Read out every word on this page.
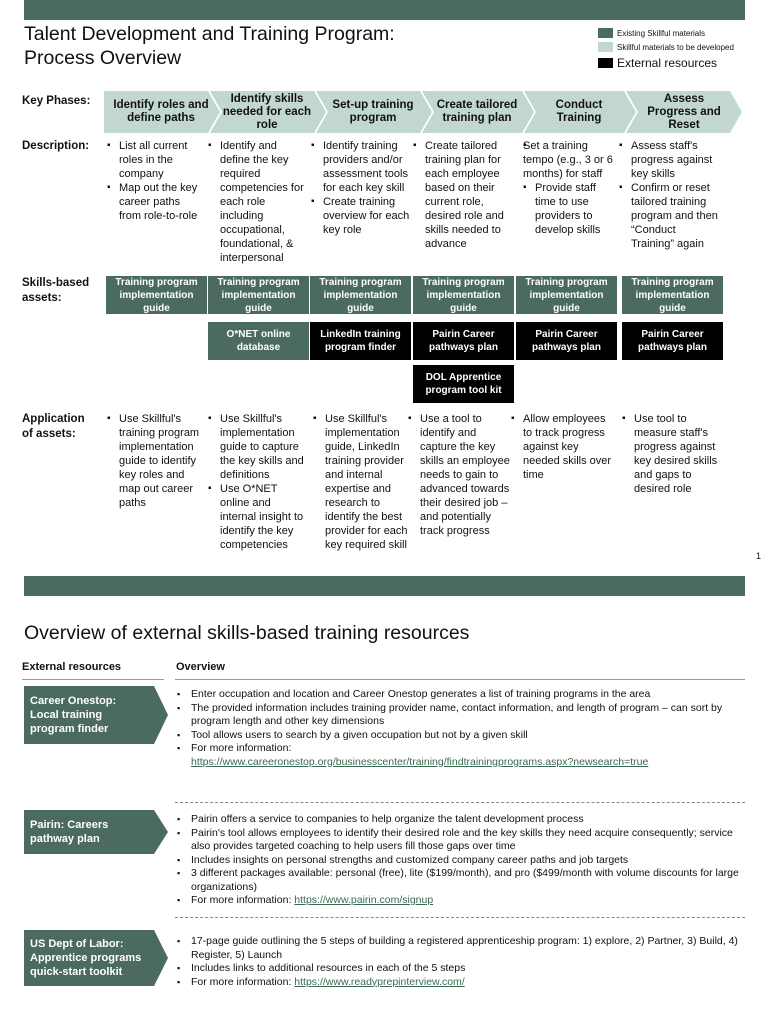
Talent Development and Training Program:
Process Overview
Existing Skillful materials
Skillful materials to be developed
External resources
Key Phases:
Description:
Skills-based
assets:
Application
of assets:
Identify roles and define paths
Identify skills needed for each role
Set-up training program
Create tailored training plan
Conduct Training
Assess Progress and Reset
▪ List all current roles in the company
▪ Map out the key career paths from role-to-role
▪ Identify and define the key required competencies for each role including occupational, foundational, & interpersonal
▪ Identify training providers and/or assessment tools for each key skill
▪ Create training overview for each key role
▪ Create tailored training plan for each employee based on their current role, desired role and skills needed to advance
▪ Set a training tempo (e.g., 3 or 6 months) for staff
▪ Provide staff time to use providers to develop skills
▪ Assess staff's progress against key skills
▪ Confirm or reset tailored training program and then “Conduct Training” again
Training program implementation guide
Training program implementation guide
Training program implementation guide
Training program implementation guide
Training program implementation guide
Training program implementation guide
O*NET online database
LinkedIn training program finder
Pairin Career pathways plan
Pairin Career pathways plan
Pairin Career pathways plan
DOL Apprentice program tool kit
▪ Use Skillful's training program implementation guide to identify key roles and map out career paths
▪ Use Skillful's implementation guide to capture the key skills and definitions
▪ Use O*NET online and internal insight to identify the key competencies
▪ Use Skillful's implementation guide, LinkedIn training provider and internal expertise and research to identify the best provider for each key required skill
▪ Use a tool to identify and capture the key skills an employee needs to gain to advanced towards their desired job – and potentially track progress
▪ Allow employees to track progress against key needed skills over time
▪ Use tool to measure staff's progress against key desired skills and gaps to desired role
1
Overview of external skills-based training resources
External resources	Overview
Career Onestop:
Local training
program finder
▪ Enter occupation and location and Career Onestop generates a list of training programs in the area
▪ The provided information includes training provider name, contact information, and length of program – can sort by program length and other key dimensions
▪ Tool allows users to search by a given occupation but not by a given skill
▪ For more information:
https://www.careeronestop.org/businesscenter/training/findtrainingprograms.aspx?newsearch=true
Pairin: Careers
pathway plan
▪ Pairin offers a service to companies to help organize the talent development process
▪ Pairin's tool allows employees to identify their desired role and the key skills they need acquire consequently; service also provides targeted coaching to help users fill those gaps over time
▪ Includes insights on personal strengths and customized company career paths and job targets
▪ 3 different packages available: personal (free), lite ($199/month), and pro ($499/month with volume discounts for large organizations)
▪ For more information: https://www.pairin.com/signup
US Dept of Labor:
Apprentice programs
quick-start toolkit
▪ 17-page guide outlining the 5 steps of building a registered apprenticeship program: 1) explore, 2) Partner, 3) Build, 4) Register, 5) Launch
▪ Includes links to additional resources in each of the 5 steps
▪ For more information: https://www.readyprepinterview.com/
